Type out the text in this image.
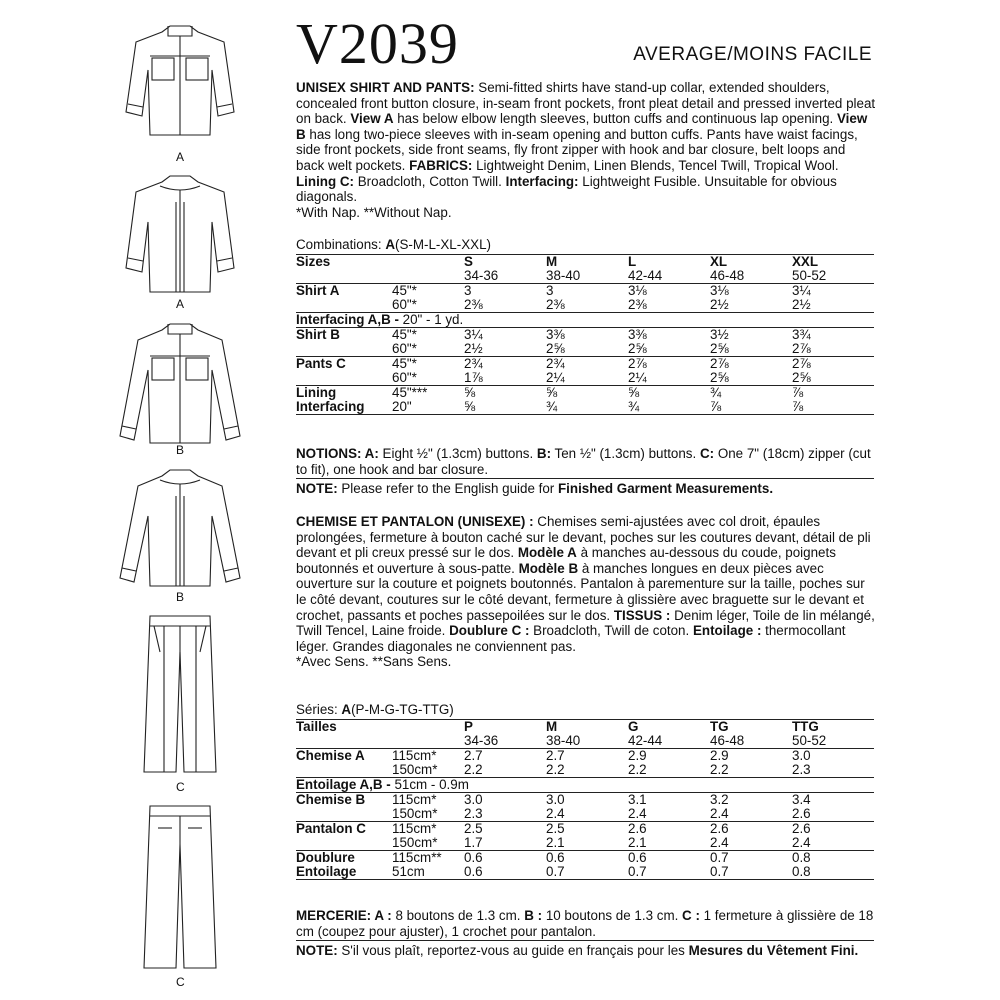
A
A
B
B
C
C
V2039	AVERAGE/MOINS FACILE

UNISEX SHIRT AND PANTS: Semi-fitted shirts have stand-up collar, extended shoulders, concealed front button closure, in-seam front pockets, front pleat detail and pressed inverted pleat on back. View A has below elbow length sleeves, button cuffs and continuous lap opening. View B has long two-piece sleeves with in-seam opening and button cuffs. Pants have waist facings, side front pockets, side front seams, fly front zipper with hook and bar closure, belt loops and back welt pockets. FABRICS: Lightweight Denim, Linen Blends, Tencel Twill, Tropical Wool. Lining C: Broadcloth, Cotton Twill. Interfacing: Lightweight Fusible. Unsuitable for obvious diagonals.

*With Nap. **Without Nap.

Combinations: A(S-M-L-XL-XXL)
Sizes		S	M	L	XL	XXL
		34-36	38-40	42-44	46-48	50-52
Shirt A	45"*	3	3	3⅛	3⅛	3¼
	60"*	2⅜	2⅜	2⅜	2½	2½
Interfacing A,B - 20" - 1 yd.						
Shirt B	45"*	3¼	3⅜	3⅜	3½	3¾
	60"*	2½	2⅝	2⅝	2⅝	2⅞
Pants C	45"*	2¾	2¾	2⅞	2⅞	2⅞
	60"*	1⅞	2¼	2¼	2⅝	2⅝
Lining	45"***	⅝	⅝	⅝	¾	⅞
Interfacing	20"	⅝	¾	¾	⅞	⅞
NOTIONS: A: Eight ½" (1.3cm) buttons. B: Ten ½" (1.3cm) buttons. C: One 7" (18cm) zipper (cut to fit), one hook and bar closure.
NOTE: Please refer to the English guide for Finished Garment Measurements.

CHEMISE ET PANTALON (UNISEXE) : Chemises semi-ajustées avec col droit, épaules prolongées, fermeture à bouton caché sur le devant, poches sur les coutures devant, détail de pli devant et pli creux pressé sur le dos. Modèle A à manches au-dessous du coude, poignets boutonnés et ouverture à sous-patte. Modèle B à manches longues en deux pièces avec ouverture sur la couture et poignets boutonnés. Pantalon à parementure sur la taille, poches sur le côté devant, coutures sur le côté devant, fermeture à glissière avec braguette sur le devant et crochet, passants et poches passepoilées sur le dos. TISSUS : Denim léger, Toile de lin mélangé, Twill Tencel, Laine froide. Doublure C : Broadcloth, Twill de coton. Entoilage : thermocollant léger. Grandes diagonales ne conviennent pas.

*Avec Sens. **Sans Sens.

Séries: A(P-M-G-TG-TTG)
Tailles		P	M	G	TG	TTG
		34-36	38-40	42-44	46-48	50-52
Chemise A	115cm*	2.7	2.7	2.9	2.9	3.0
	150cm*	2.2	2.2	2.2	2.2	2.3
Entoilage A,B - 51cm - 0.9m						
Chemise B	115cm*	3.0	3.0	3.1	3.2	3.4
	150cm*	2.3	2.4	2.4	2.4	2.6
Pantalon C	115cm*	2.5	2.5	2.6	2.6	2.6
	150cm*	1.7	2.1	2.1	2.4	2.4
Doublure	115cm**	0.6	0.6	0.6	0.7	0.8
Entoilage	51cm	0.6	0.7	0.7	0.7	0.8
MERCERIE: A : 8 boutons de 1.3 cm. B : 10 boutons de 1.3 cm. C : 1 fermeture à glissière de 18 cm (coupez pour ajuster), 1 crochet pour pantalon.
NOTE: S'il vous plaît, reportez-vous au guide en français pour les Mesures du Vêtement Fini.
